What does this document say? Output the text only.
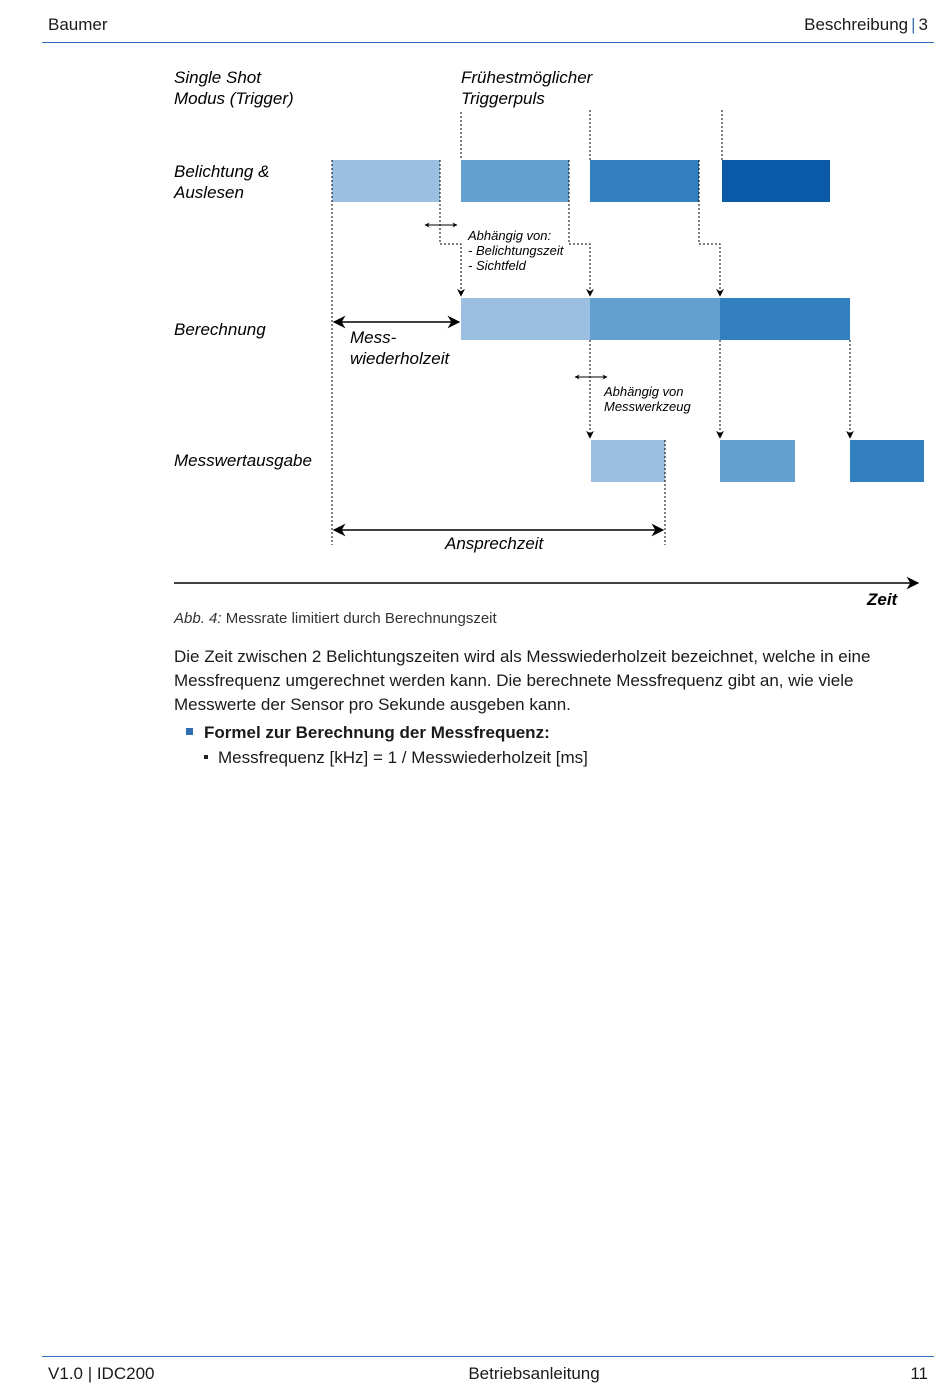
Baumer	Beschreibung | 3
Single Shot
Modus (Trigger)
Frühestmöglicher
Triggerpuls
Belichtung &
Auslesen
Berechnung
Messwertausgabe
Abhängig von:
- Belichtungszeit
- Sichtfeld
Abhängig von
Messwerkzeug
Mess-
wiederholzeit
Ansprechzeit
Zeit
Abb. 4: Messrate limitiert durch Berechnungszeit
Die Zeit zwischen 2 Belichtungszeiten wird als Messwiederholzeit bezeichnet, welche in eine Messfrequenz umgerechnet werden kann. Die berechnete Messfrequenz gibt an, wie viele Messwerte der Sensor pro Sekunde ausgeben kann.
Formel zur Berechnung der Messfrequenz:
Messfrequenz [kHz] = 1 / Messwiederholzeit [ms]
V1.0 | IDC200	Betriebsanleitung	11
